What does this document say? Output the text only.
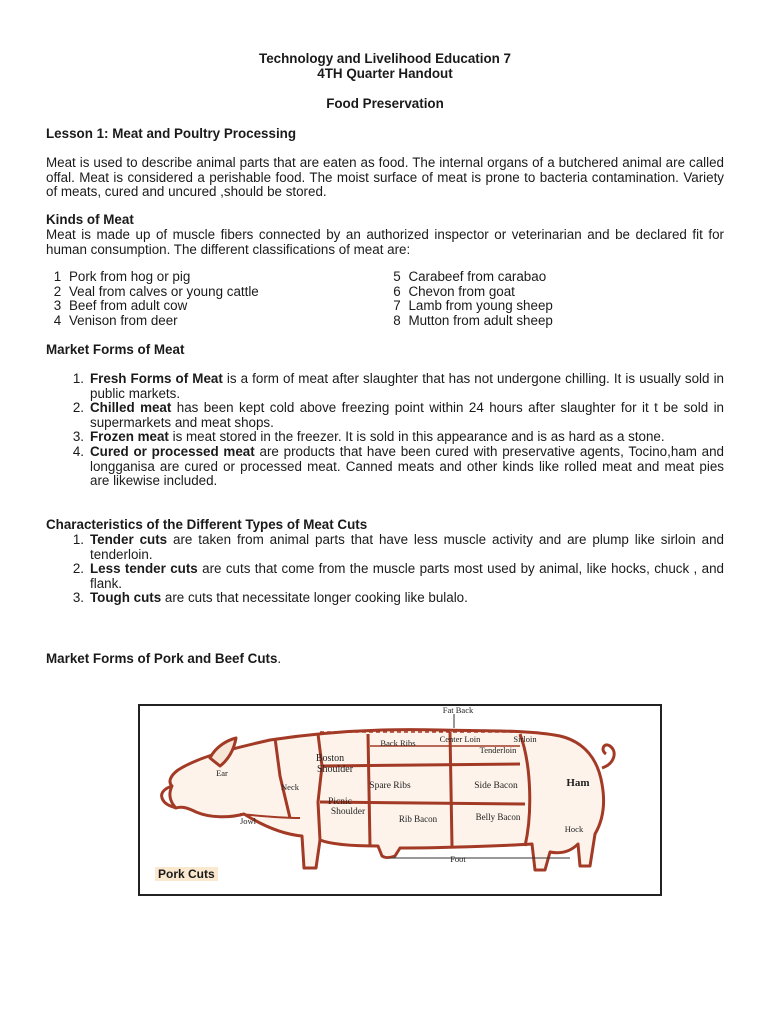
Technology and Livelihood Education 7
4TH Quarter Handout
Food Preservation
Lesson 1: Meat and Poultry Processing
Meat is used to describe animal parts that are eaten as food. The internal organs of a butchered animal are called offal. Meat is considered a perishable food. The moist surface of meat is prone to bacteria contamination. Variety of meats, cured and uncured ,should be stored.
Kinds of Meat
Meat is made up of muscle fibers connected by an authorized inspector or veterinarian and be declared fit for human consumption. The different classifications of meat are:
1 Pork from hog or pig	5 Carabeef from carabao
2 Veal from calves or young cattle	6 Chevon from goat
3 Beef from adult cow	7 Lamb from young sheep
4 Venison from deer	8 Mutton from adult sheep
Market Forms of Meat
1. Fresh Forms of Meat is a form of meat after slaughter that has not undergone chilling. It is usually sold in public markets.
2. Chilled meat has been kept cold above freezing point within 24 hours after slaughter for it t be sold in supermarkets and meat shops.
3. Frozen meat is meat stored in the freezer. It is sold in this appearance and is as hard as a stone.
4. Cured or processed meat are products that have been cured with preservative agents, Tocino,ham and longganisa are cured or processed meat. Canned meats and other kinds like rolled meat and meat pies are likewise included.
Characteristics of the Different Types of Meat Cuts
1. Tender cuts are taken from animal parts that have less muscle activity and are plump like sirloin and tenderloin.
2. Less tender cuts are cuts that come from the muscle parts most used by animal, like hocks, chuck , and flank.
3. Tough cuts are cuts that necessitate longer cooking like bulalo.
Market Forms of Pork and Beef Cuts.
Fat Back
Back Ribs	Center Loin	Sirloin
Tenderloin
Boston
Shoulder
Ear
Neck	Spare Ribs	Side Bacon	Ham
Picnic
Shoulder
Jowl	Rib Bacon	Belly Bacon
Hock
Foot
Pork Cuts
